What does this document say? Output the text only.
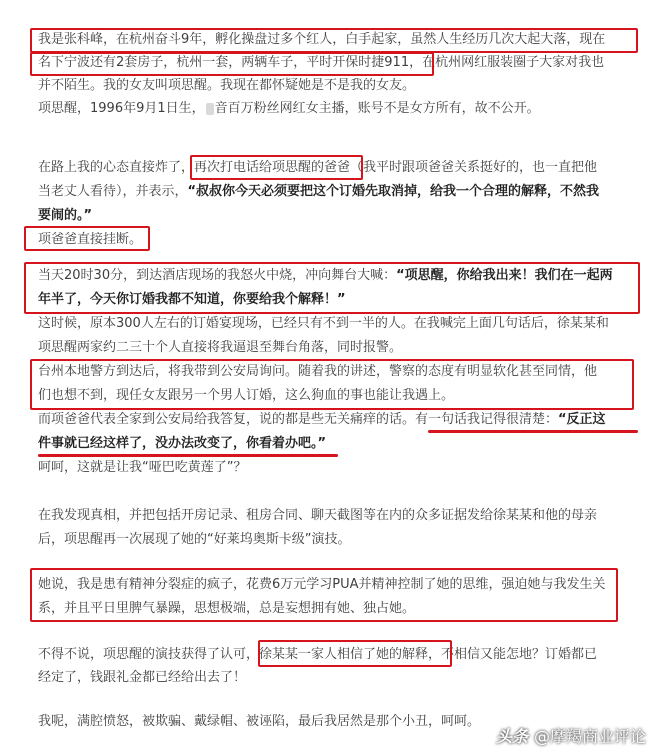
我是张科峰，在杭州奋斗9年，孵化操盘过多个红人，白手起家，虽然人生经历几次大起大落，现在
名下宁波还有2套房子，杭州一套，两辆车子，平时开保时捷911，在杭州网红服装圈子大家对我也
并不陌生。我的女友叫项思醒。我现在都怀疑她是不是我的女友。
项思醒，1996年9月1日生， 音百万粉丝网红女主播，账号不是女方所有，故不公开。
在路上我的心态直接炸了，再次打电话给项思醒的爸爸（我平时跟项爸爸关系挺好的，也一直把他
当老丈人看待），并表示，“叔叔你今天必须要把这个订婚先取消掉，给我一个合理的解释，不然我
要闹的。”
项爸爸直接挂断。
当天20时30分，到达酒店现场的我怒火中烧，冲向舞台大喊：“项思醒，你给我出来！我们在一起两
年半了，今天你订婚我都不知道，你要给我个解释！”
这时候，原本300人左右的订婚宴现场，已经只有不到一半的人。在我喊完上面几句话后，徐某某和
项思醒两家约二三十个人直接将我逼退至舞台角落，同时报警。
台州本地警方到达后，将我带到公安局询问。随着我的讲述，警察的态度有明显软化甚至同情，他
们也想不到，现任女友跟另一个男人订婚，这么狗血的事也能让我遇上。
而项爸爸代表全家到公安局给我答复，说的都是些无关痛痒的话。有一句话我记得很清楚：“反正这
件事就已经这样了，没办法改变了，你看着办吧。”
呵呵，这就是让我“哑巴吃黄莲了”？
在我发现真相，并把包括开房记录、租房合同、聊天截图等在内的众多证据发给徐某某和他的母亲
后，项思醒再一次展现了她的“好莱坞奥斯卡级”演技。
她说，我是患有精神分裂症的疯子，花费6万元学习PUA并精神控制了她的思维，强迫她与我发生关
系，并且平日里脾气暴躁，思想极端，总是妄想拥有她、独占她。
不得不说，项思醒的演技获得了认可，徐某某一家人相信了她的解释，不相信又能怎地？订婚都已
经定了，钱跟礼金都已经给出去了！
我呢，满腔愤怒，被欺骗、戴绿帽、被诬陷，最后我居然是那个小丑，呵呵。
头条 @摩羯商业评论
